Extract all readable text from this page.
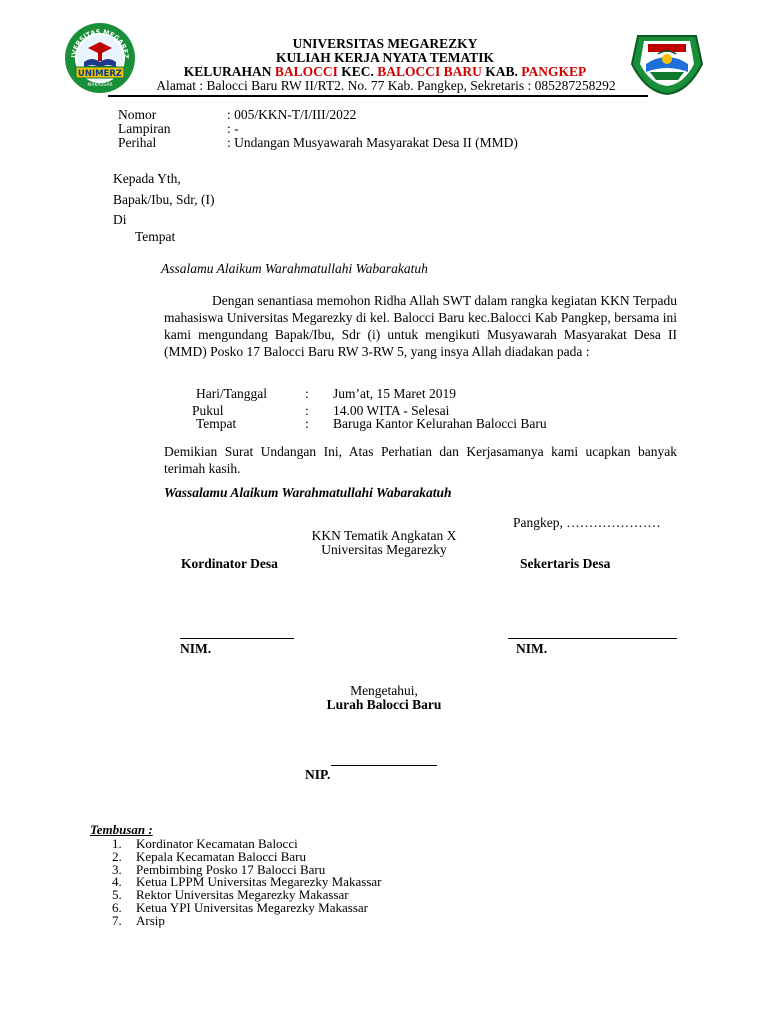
IVERSITAS MEGAREZ
UNIMERZ
MAKASSAR
UNIVERSITAS MEGAREZKY
KULIAH KERJA NYATA TEMATIK
KELURAHAN BALOCCI KEC. BALOCCI BARU KAB. PANGKEP
Alamat : Balocci Baru RW II/RT2. No. 77 Kab. Pangkep, Sekretaris : 085287258292
Nomor	: 005/KKN-T/I/III/2022
Lampiran	: -
Perihal	: Undangan Musyawarah Masyarakat Desa II (MMD)
Kepada Yth,
Bapak/Ibu, Sdr, (I)
Di
Tempat
Assalamu Alaikum Warahmatullahi Wabarakatuh
Dengan senantiasa memohon Ridha Allah SWT dalam rangka kegiatan KKN Terpadu mahasiswa Universitas Megarezky di kel. Balocci Baru kec.Balocci Kab Pangkep, bersama ini kami mengundang Bapak/Ibu, Sdr (i) untuk mengikuti Musyawarah Masyarakat Desa II (MMD) Posko 17 Balocci Baru RW 3-RW 5, yang insya Allah diadakan pada :
Hari/Tanggal	: Jum’at, 15 Maret 2019
Pukul	: 14.00 WITA - Selesai
Tempat	: Baruga Kantor Kelurahan Balocci Baru
Demikian Surat Undangan Ini, Atas Perhatian dan Kerjasamanya kami ucapkan banyak terimah kasih.
Wassalamu Alaikum Warahmatullahi Wabarakatuh
Pangkep, …………………
KKN Tematik Angkatan X
Universitas Megarezky
Kordinator Desa	Sekertaris Desa
NIM.	NIM.
Mengetahui,
Lurah Balocci Baru
NIP.
Tembusan :
1. Kordinator Kecamatan Balocci
2. Kepala Kecamatan Balocci Baru
3. Pembimbing Posko 17 Balocci Baru
4. Ketua LPPM Universitas Megarezky Makassar
5. Rektor Universitas Megarezky Makassar
6. Ketua YPI Universitas Megarezky Makassar
7. Arsip
